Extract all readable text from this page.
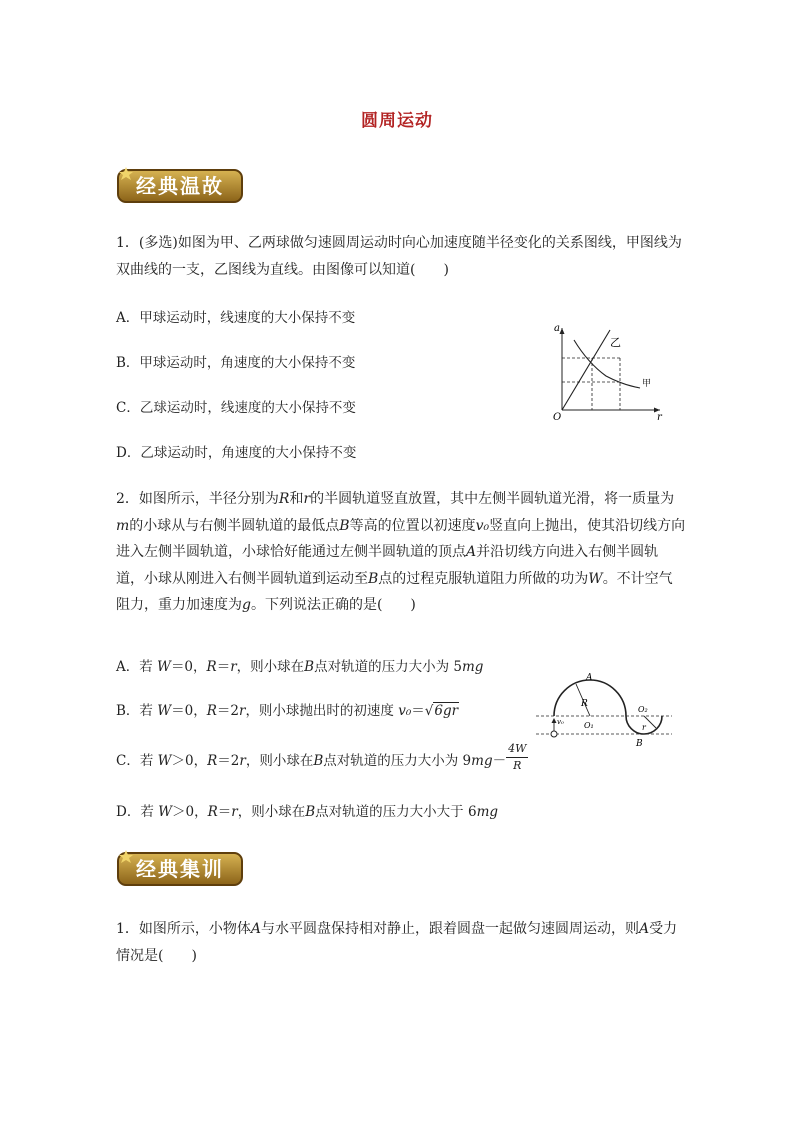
圆周运动
经典温故

1．(多选)如图为甲、乙两球做匀速圆周运动时向心加速度随半径变化的关系图线，甲图线为双曲线的一支，乙图线为直线。由图像可以知道(　　)

A．甲球运动时，线速度的大小保持不变
B．甲球运动时，角速度的大小保持不变
C．乙球运动时，线速度的大小保持不变
D．乙球运动时，角速度的大小保持不变
a
r
O
乙
甲

2．如图所示，半径分别为R和r的半圆轨道竖直放置，其中左侧半圆轨道光滑，将一质量为m的小球从与右侧半圆轨道的最低点B等高的位置以初速度v₀竖直向上抛出，使其沿切线方向进入左侧半圆轨道，小球恰好能通过左侧半圆轨道的顶点A并沿切线方向进入右侧半圆轨道，小球从刚进入右侧半圆轨道到运动至B点的过程克服轨道阻力所做的功为W。不计空气阻力，重力加速度为g。下列说法正确的是(　　)

A．若 W＝0，R＝r，则小球在B点对轨道的压力大小为 5mg
B．若 W＝0，R＝2r，则小球抛出时的初速度 v₀＝√6gr
C．若 W＞0，R＝2r，则小球在B点对轨道的压力大小为 $9mg- \frac{4W}{R}$
D．若 W＞0，R＝r，则小球在B点对轨道的压力大小大于 6mg
A
R
O₁
O₂
r
B
v₀
经典集训

1．如图所示，小物体A与水平圆盘保持相对静止，跟着圆盘一起做匀速圆周运动，则A受力情况是(　　)
